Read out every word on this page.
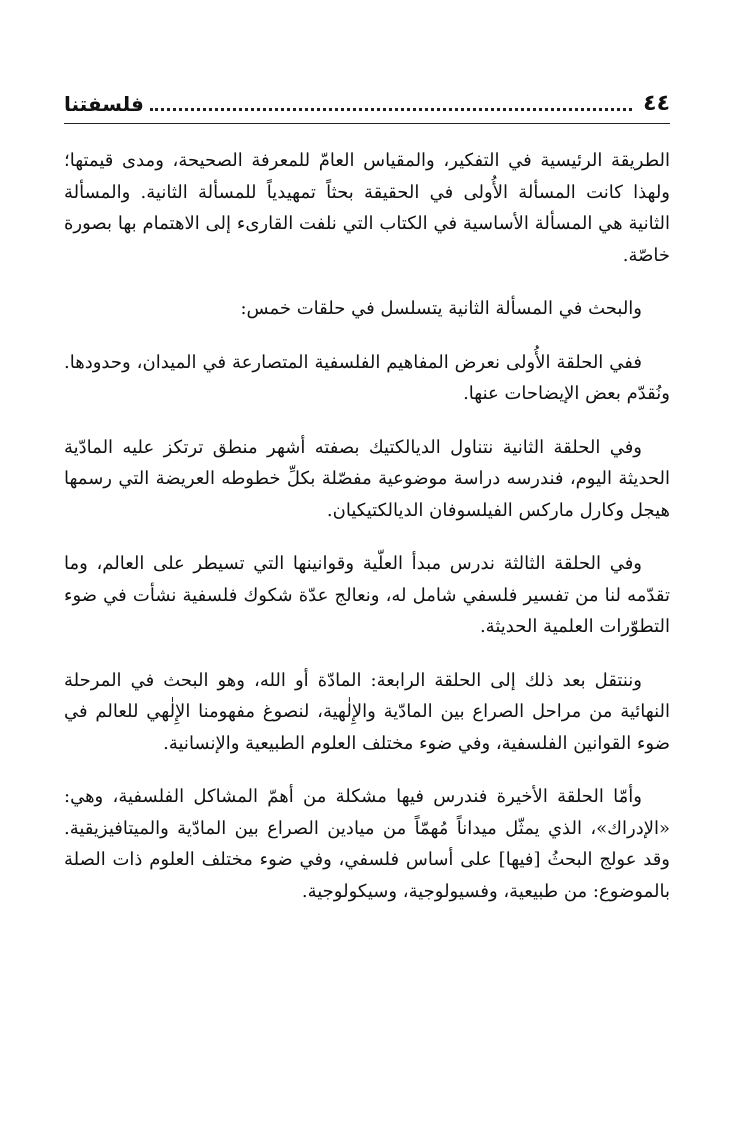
٤٤
فلسفتنا

الطريقة الرئيسية في التفكير، والمقياس العامّ للمعرفة الصحيحة، ومدى قيمتها؛ ولهذا كانت المسألة الأُولى في الحقيقة بحثاً تمهيدياً للمسألة الثانية. والمسألة الثانية هي المسألة الأساسية في الكتاب التي نلفت القارىء إلى الاهتمام بها بصورة خاصّة.

والبحث في المسألة الثانية يتسلسل في حلقات خمس:

ففي الحلقة الأُولى نعرض المفاهيم الفلسفية المتصارعة في الميدان، وحدودها. ونُقدّم بعض الإيضاحات عنها.

وفي الحلقة الثانية نتناول الديالكتيك بصفته أشهر منطق ترتكز عليه المادّية الحديثة اليوم، فندرسه دراسة موضوعية مفصّلة بكلِّ خطوطه العريضة التي رسمها هيجل وكارل ماركس الفيلسوفان الديالكتيكيان.

وفي الحلقة الثالثة ندرس مبدأ العلّية وقوانينها التي تسيطر على العالم، وما تقدّمه لنا من تفسير فلسفي شامل له، ونعالج عدّة شكوك فلسفية نشأت في ضوء التطوّرات العلمية الحديثة.

وننتقل بعد ذلك إلى الحلقة الرابعة: المادّة أو الله، وهو البحث في المرحلة النهائية من مراحل الصراع بين المادّية والإِلٰهية، لنصوغ مفهومنا الإِلٰهي للعالم في ضوء القوانين الفلسفية، وفي ضوء مختلف العلوم الطبيعية والإنسانية.

وأمّا الحلقة الأخيرة فندرس فيها مشكلة من أهمّ المشاكل الفلسفية، وهي: «الإدراك»، الذي يمثّل ميداناً مُهمّاً من ميادين الصراع بين المادّية والميتافيزيقية. وقد عولج البحثُ [فيها] على أساس فلسفي، وفي ضوء مختلف العلوم ذات الصلة بالموضوع: من طبيعية، وفسيولوجية، وسيكولوجية.
